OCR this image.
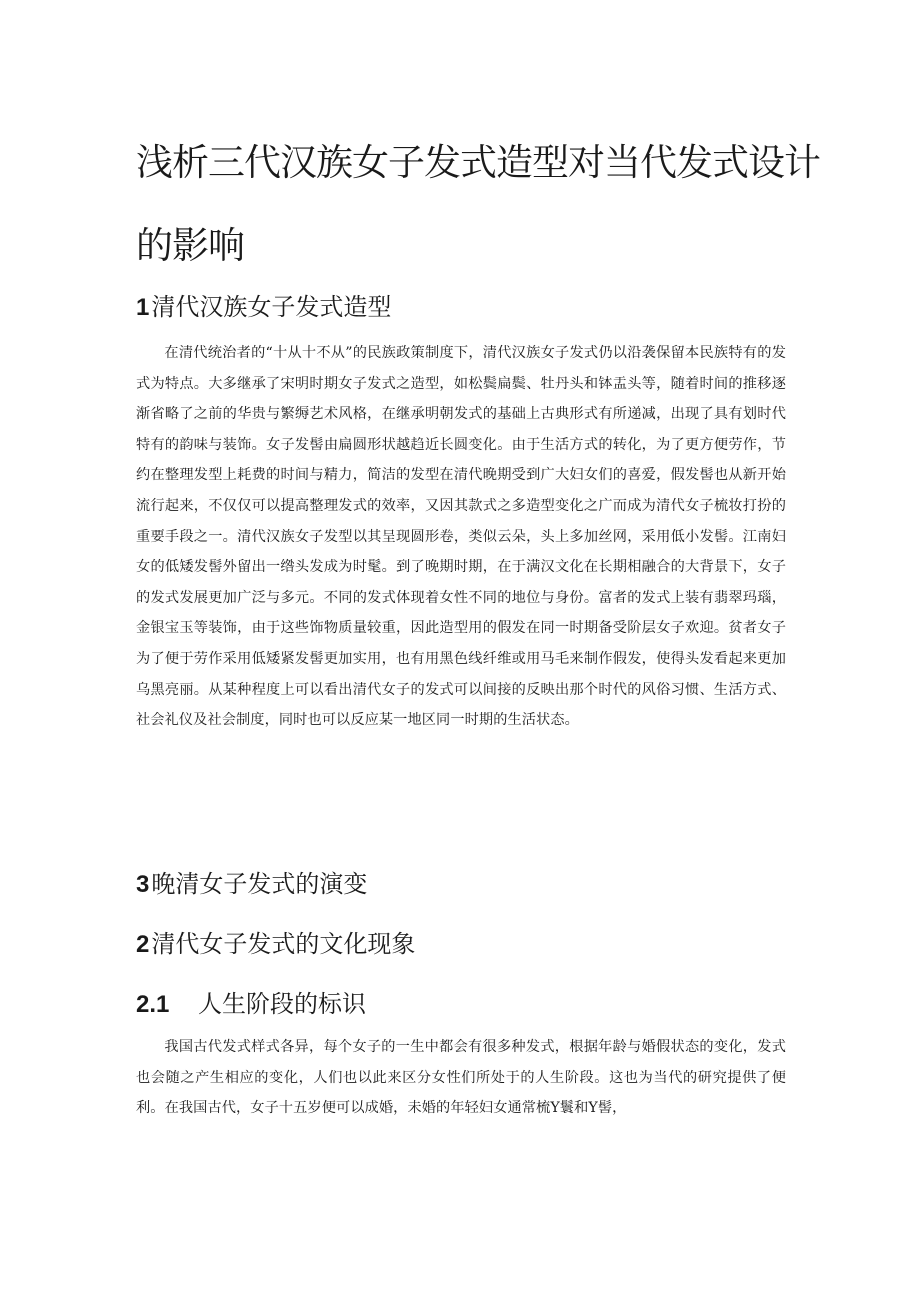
浅析三代汉族女子发式造型对当代发式设计
的影响
1清代汉族女子发式造型

在清代统治者的“十从十不从”的民族政策制度下，清代汉族女子发式仍以沿袭保留本民族特有的发式为特点。大多继承了宋明时期女子发式之造型，如松鬓扁鬓、牡丹头和钵盂头等，随着时间的推移逐渐省略了之前的华贵与繁缛艺术风格，在继承明朝发式的基础上古典形式有所递减，出现了具有划时代特有的韵味与装饰。女子发髻由扁圆形状越趋近长圆变化。由于生活方式的转化，为了更方便劳作，节约在整理发型上耗费的时间与精力，简洁的发型在清代晚期受到广大妇女们的喜爱，假发髻也从新开始流行起来，不仅仅可以提高整理发式的效率，又因其款式之多造型变化之广而成为清代女子梳妆打扮的重要手段之一。清代汉族女子发型以其呈现圆形卷，类似云朵，头上多加丝网，采用低小发髻。江南妇女的低矮发髻外留出一绺头发成为时髦。到了晚期时期，在于满汉文化在长期相融合的大背景下，女子的发式发展更加广泛与多元。不同的发式体现着女性不同的地位与身份。富者的发式上装有翡翠玛瑙，金银宝玉等装饰，由于这些饰物质量较重，因此造型用的假发在同一时期备受阶层女子欢迎。贫者女子为了便于劳作采用低矮紧发髻更加实用，也有用黑色线纤维或用马毛来制作假发，使得头发看起来更加乌黑亮丽。从某种程度上可以看出清代女子的发式可以间接的反映出那个时代的风俗习惯、生活方式、社会礼仪及社会制度，同时也可以反应某一地区同一时期的生活状态。

3晚清女子发式的演变
2清代女子发式的文化现象
2.1 人生阶段的标识

我国古代发式样式各异，每个女子的一生中都会有很多种发式，根据年龄与婚假状态的变化，发式也会随之产生相应的变化，人们也以此来区分女性们所处于的人生阶段。这也为当代的研究提供了便利。在我国古代，女子十五岁便可以成婚，未婚的年轻妇女通常梳Y鬟和Y髻，
